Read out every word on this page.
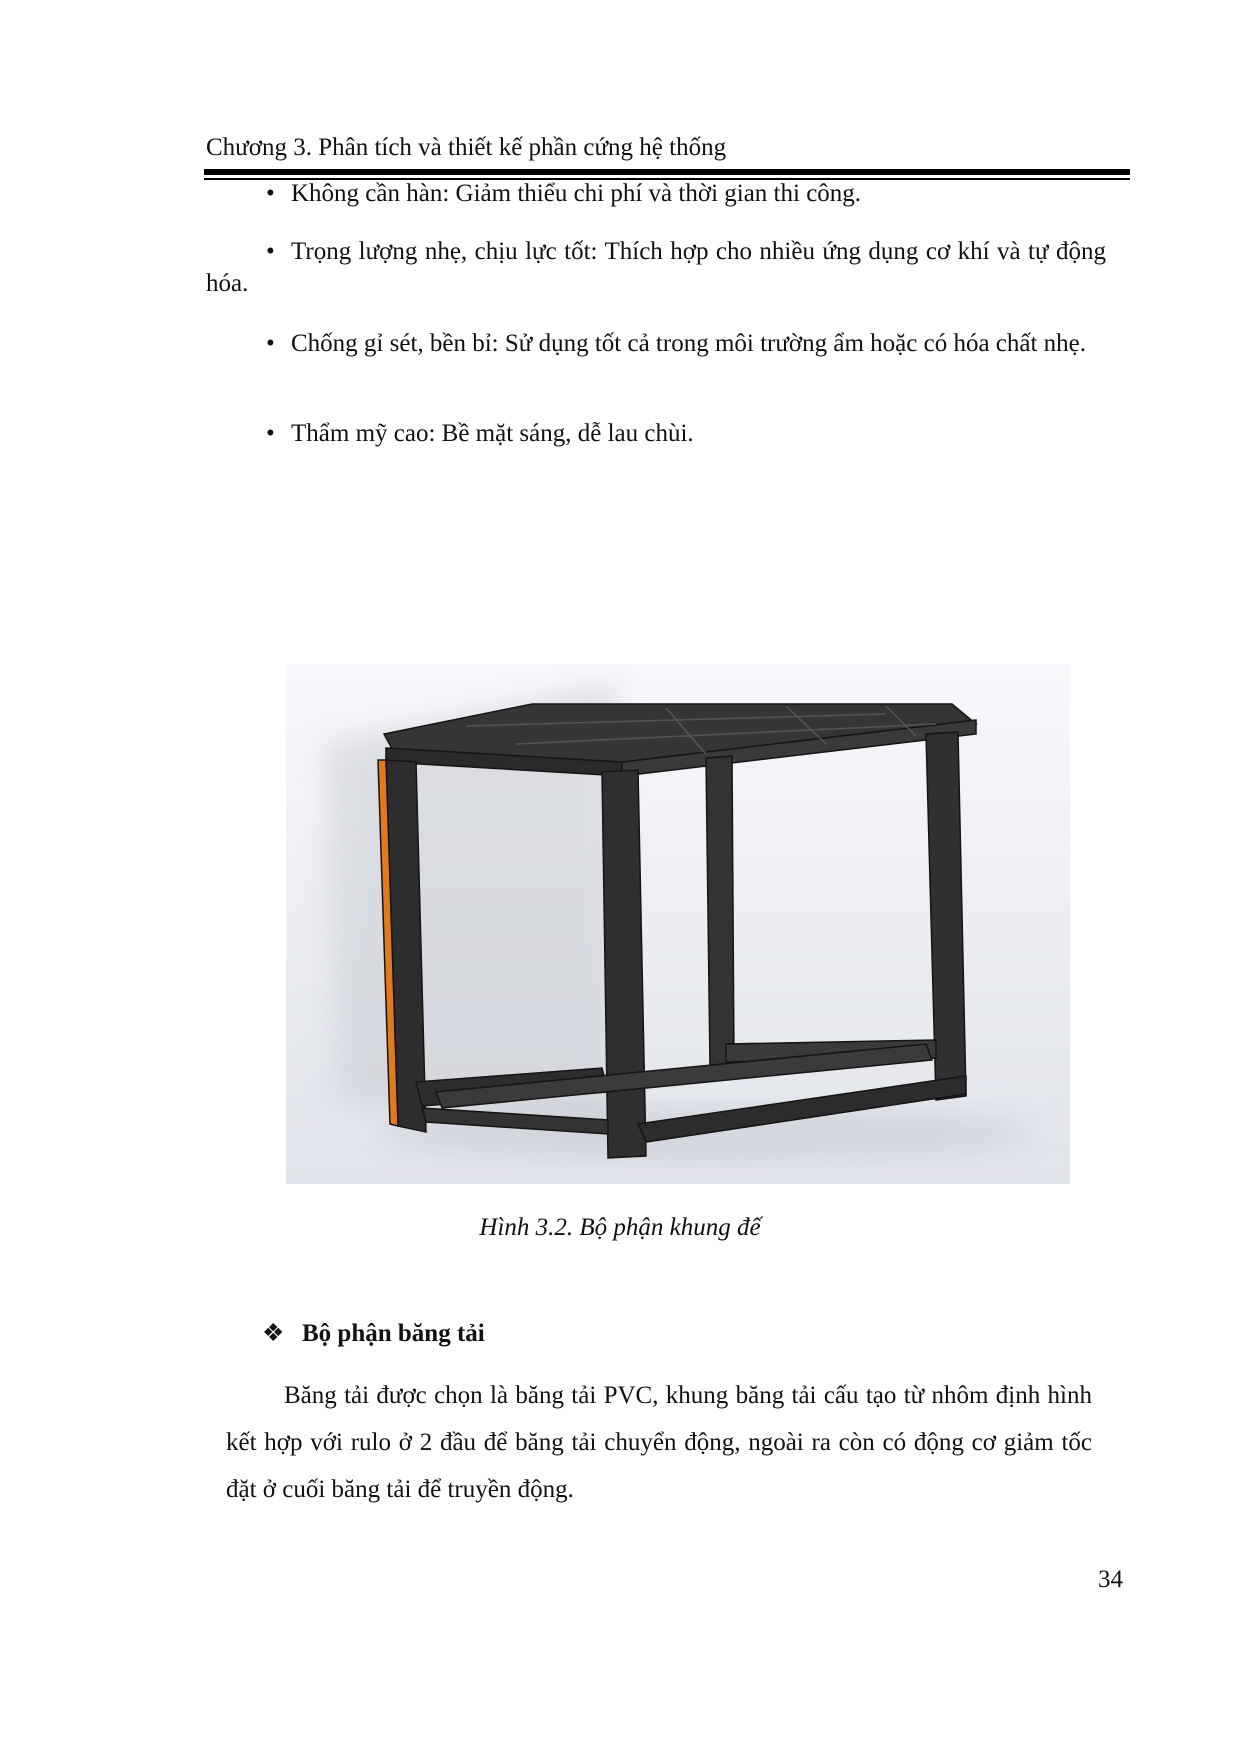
Chương 3. Phân tích và thiết kế phần cứng hệ thống
• Không cần hàn: Giảm thiểu chi phí và thời gian thi công.
• Trọng lượng nhẹ, chịu lực tốt: Thích hợp cho nhiều ứng dụng cơ khí và tự động hóa.
• Chống gỉ sét, bền bỉ: Sử dụng tốt cả trong môi trường ẩm hoặc có hóa chất nhẹ.
• Thẩm mỹ cao: Bề mặt sáng, dễ lau chùi.
Hình 3.2. Bộ phận khung đế
❖ Bộ phận băng tải
Băng tải được chọn là băng tải PVC, khung băng tải cấu tạo từ nhôm định hình kết hợp với rulo ở 2 đầu để băng tải chuyển động, ngoài ra còn có động cơ giảm tốc đặt ở cuối băng tải để truyền động.
34
